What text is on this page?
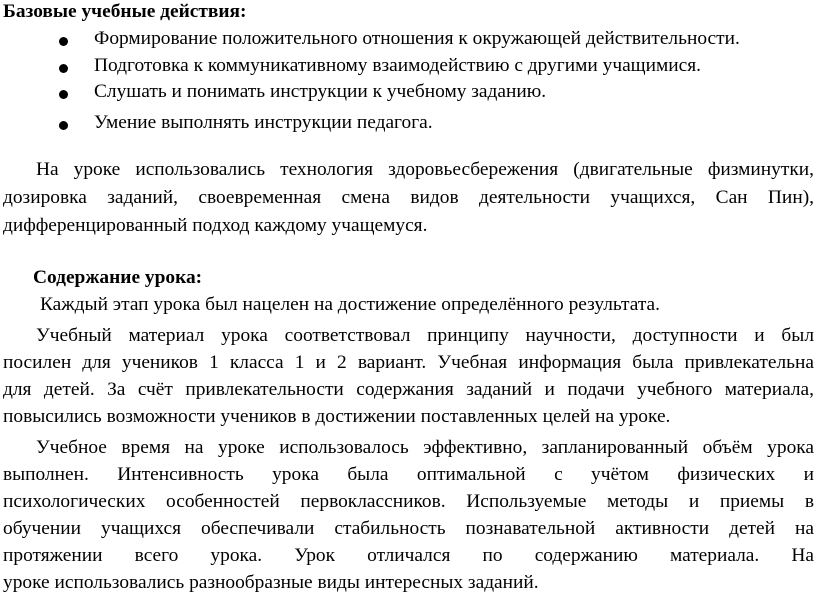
Базовые учебные действия:
Формирование положительного отношения к окружающей действительности.
Подготовка к коммуникативному взаимодействию с другими учащимися.
Слушать и понимать инструкции к учебному заданию.
Умение выполнять инструкции педагога.
На уроке использовались технология здоровьесбережения (двигательные физминутки,
дозировка заданий, своевременная смена видов деятельности учащихся, Сан Пин),
дифференцированный подход каждому учащемуся.
Содержание урока:
Каждый этап урока был нацелен на достижение определённого результата.
Учебный материал урока соответствовал принципу научности, доступности и был
посилен для учеников 1 класса 1 и 2 вариант. Учебная информация была привлекательна
для детей. За счёт привлекательности содержания заданий и подачи учебного материала,
повысились возможности учеников в достижении поставленных целей на уроке.
Учебное время на уроке использовалось эффективно, запланированный объём урока
выполнен. Интенсивность урока была оптимальной с учётом физических и
психологических особенностей первоклассников. Используемые методы и приемы в
обучении учащихся обеспечивали стабильность познавательной активности детей на
протяжении всего урока. Урок отличался по содержанию материала. На
уроке использовались разнообразные виды интересных заданий.
